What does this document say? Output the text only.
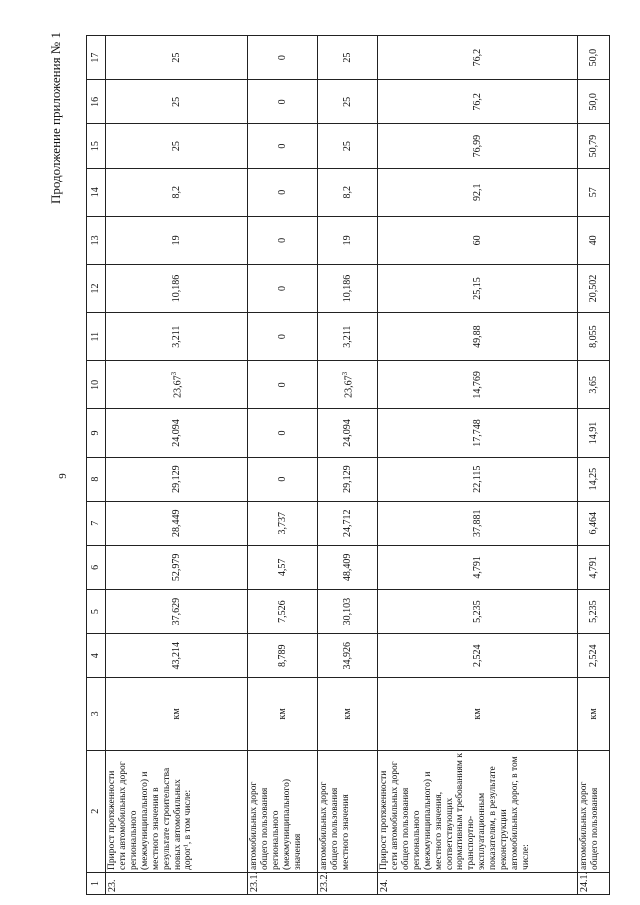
9
Продолжение приложения № 1
1	2	3	4	5	6	7	8	9	10	11	12	13	14	15	16	17
23.	Прирост протяженности сети автомобильных дорог регионального (межмуниципального) и местного значения в результате строительства новых автомобильных дорог¹, в том числе:	км	43,214	37,629	52,979	28,449	29,129	24,094	23,67$^3$	3,211	10,186	19	8,2	25	25	25
23.1.	автомобильных дорог общего пользования регионального (межмуниципального) значения	км	8,789	7,526	4,57	3,737	0	0	0	0	0	0	0	0	0	0
23.2.	автомобильных дорог общего пользования местного значения	км	34,926	30,103	48,409	24,712	29,129	24,094	23,67$^3$	3,211	10,186	19	8,2	25	25	25
24.	Прирост протяженности сети автомобильных дорог общего пользования регионального (межмуниципального) и местного значения, соответствующих нормативным требованиям к транспортно-эксплуатационным показателям, в результате реконструкции автомобильных дорог, в том числе:	км	2,524	5,235	4,791	37,881	22,115	17,748	14,769	49,88	25,15	60	92,1	76,99	76,2	76,2
24.1.	автомобильных дорог общего пользования	км	2,524	5,235	4,791	6,464	14,25	14,91	3,65	8,055	20,502	40	57	50,79	50,0	50,0
